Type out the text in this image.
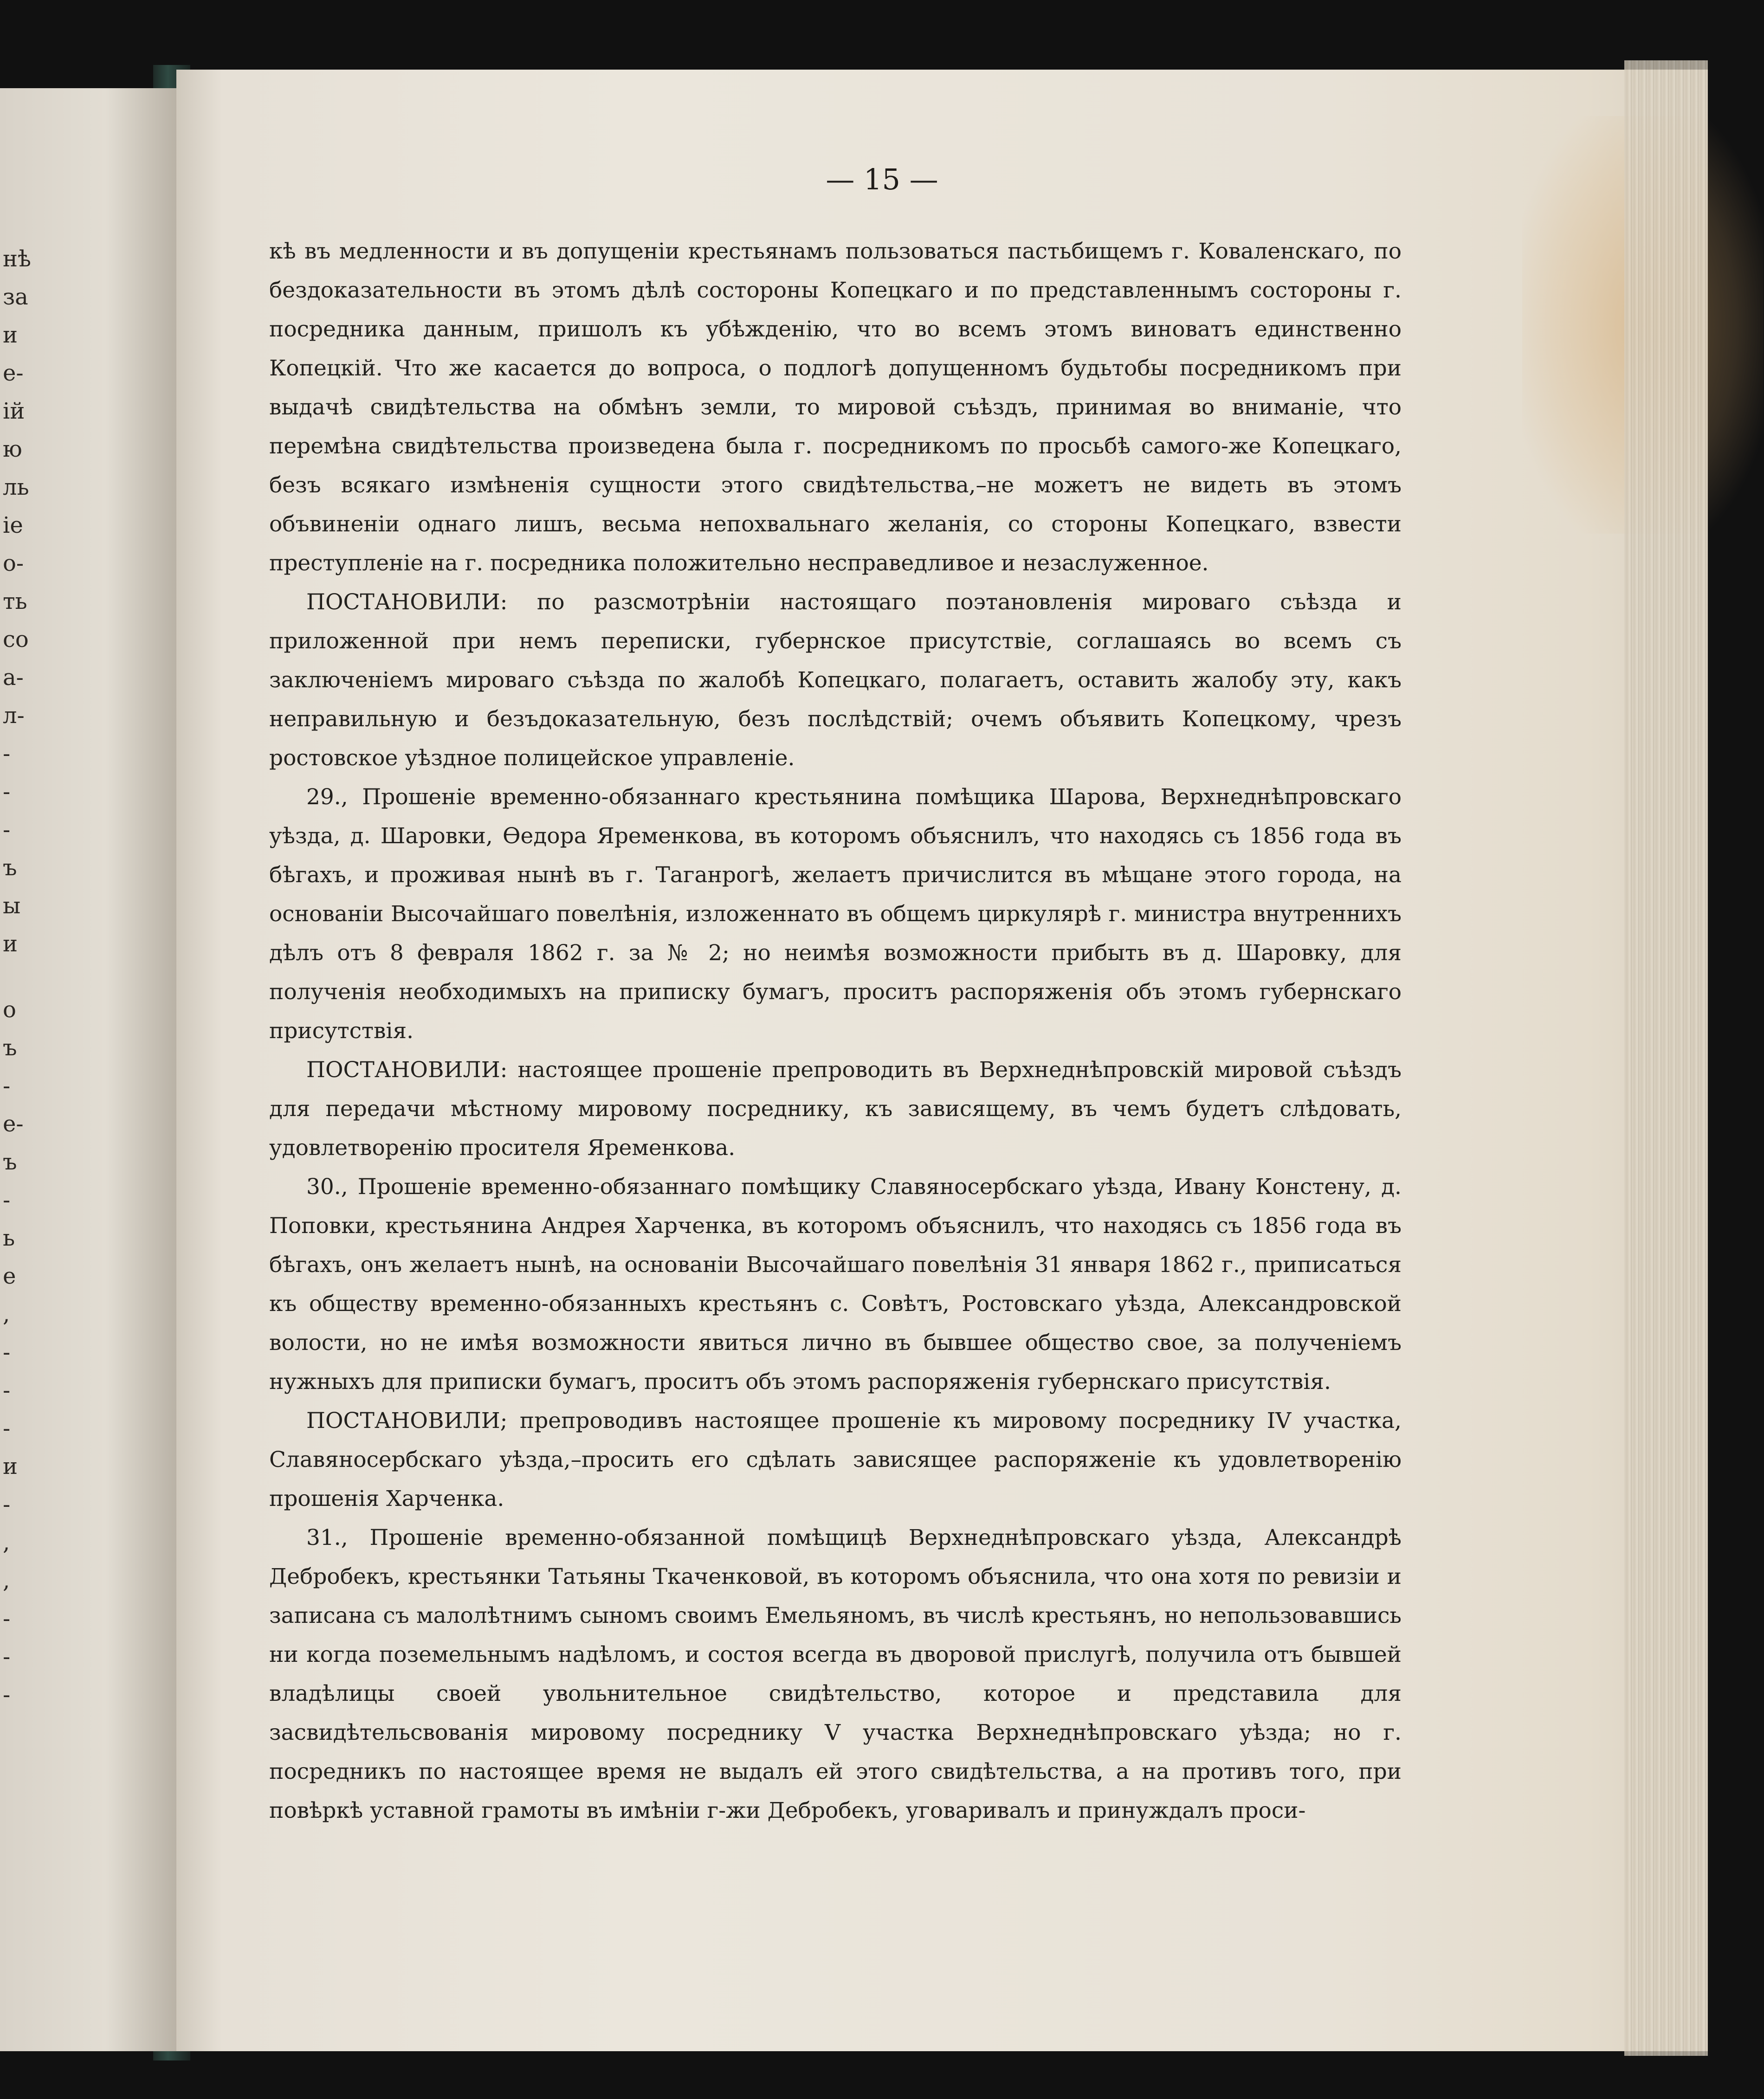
нѣ

за

и

е-

ій

ю

ль

іе

о-

ть

со

а-

л-

-

-

-

ъ

ы

и

о

ъ

-

е-

ъ

-

ь

е

,

-

-

-

и

-

,

,

-

-

-

— 15 —

кѣ въ медленности и въ допущеніи крестьянамъ пользоваться пастьбищемъ г. Коваленскаго, по бездоказательности въ этомъ дѣлѣ состороны Копецкаго и по представленнымъ состороны г. посредника данным, пришолъ къ убѣжденію, что во всемъ этомъ виноватъ единственно Копецкій. Что же касается до вопроса, о подлогѣ допущенномъ будьтобы посредникомъ при выдачѣ свидѣтельства на обмѣнъ земли, то мировой съѣздъ, принимая во вниманіе, что перемѣна свидѣтельства произведена была г. посредникомъ по просьбѣ самого-же Копецкаго, безъ всякаго измѣненія сущности этого свидѣтельства,–не можетъ не видеть въ этомъ объвиненіи однаго лишъ, весьма непохвальнаго желанія, со стороны Копецкаго, взвести преступленіе на г. посредника положительно несправедливое и незаслуженное.

ПОСТАНОВИЛИ: по разсмотрѣніи настоящаго поэтановленія мироваго съѣзда и приложенной при немъ переписки, губернское присутствіе, соглашаясь во всемъ съ заключеніемъ мироваго съѣзда по жалобѣ Копецкаго, полагаетъ, оставить жалобу эту, какъ неправильную и безъдоказательную, безъ послѣдствій; очемъ объявить Копецкому, чрезъ ростовское уѣздное полицейское управленіе.

29., Прошеніе временно-обязаннаго крестьянина помѣщика Шарова, Верхнеднѣпровскаго уѣзда, д. Шаровки, Өедора Яременкова, въ которомъ объяснилъ, что находясь съ 1856 года въ бѣгахъ, и проживая нынѣ въ г. Таганрогѣ, желаетъ причислится въ мѣщане этого города, на основаніи Высочайшаго повелѣнія, изложеннато въ общемъ циркулярѣ г. министра внутреннихъ дѣлъ отъ 8 февраля 1862 г. за № 2; но неимѣя возможности прибыть въ д. Шаровку, для полученія необходимыхъ на приписку бумагъ, проситъ распоряженія объ этомъ губернскаго присутствія.

ПОСТАНОВИЛИ: настоящее прошеніе препроводить въ Верхнеднѣпровскій мировой съѣздъ для передачи мѣстному мировому посреднику, къ зависящему, въ чемъ будетъ слѣдовать, удовлетворенію просителя Яременкова.

30., Прошеніе временно-обязаннаго помѣщику Славяносербскаго уѣзда, Ивану Констену, д. Поповки, крестьянина Андрея Харченка, въ которомъ объяснилъ, что находясь съ 1856 года въ бѣгахъ, онъ желаетъ нынѣ, на основаніи Высочайшаго повелѣнія 31 января 1862 г., приписаться къ обществу временно-обязанныхъ крестьянъ с. Совѣтъ, Ростовскаго уѣзда, Александровской волости, но не имѣя возможности явиться лично въ бывшее общество свое, за полученіемъ нужныхъ для приписки бумагъ, проситъ объ этомъ распоряженія губернскаго присутствія.

ПОСТАНОВИЛИ; препроводивъ настоящее прошеніе къ мировому посреднику IV участка, Славяносербскаго уѣзда,–просить его сдѣлать зависящее распоряженіе къ удовлетворенію прошенія Харченка.

31., Прошеніе временно-обязанной помѣщицѣ Верхнеднѣпровскаго уѣзда, Александрѣ Дебробекъ, крестьянки Татьяны Ткаченковой, въ которомъ объяснила, что она хотя по ревизіи и записана съ малолѣтнимъ сыномъ своимъ Емельяномъ, въ числѣ крестьянъ, но непользовавшись ни когда поземельнымъ надѣломъ, и состоя всегда въ дворовой прислугѣ, получила отъ бывшей владѣлицы своей увольнительное свидѣтельство, которое и представила для засвидѣтельсвованія мировому посреднику V участка Верхнеднѣпровскаго уѣзда; но г. посредникъ по настоящее время не выдалъ ей этого свидѣтельства, а на противъ того, при повѣркѣ уставной грамоты въ имѣніи г-жи Дебробекъ, уговаривалъ и принуждалъ проси-
